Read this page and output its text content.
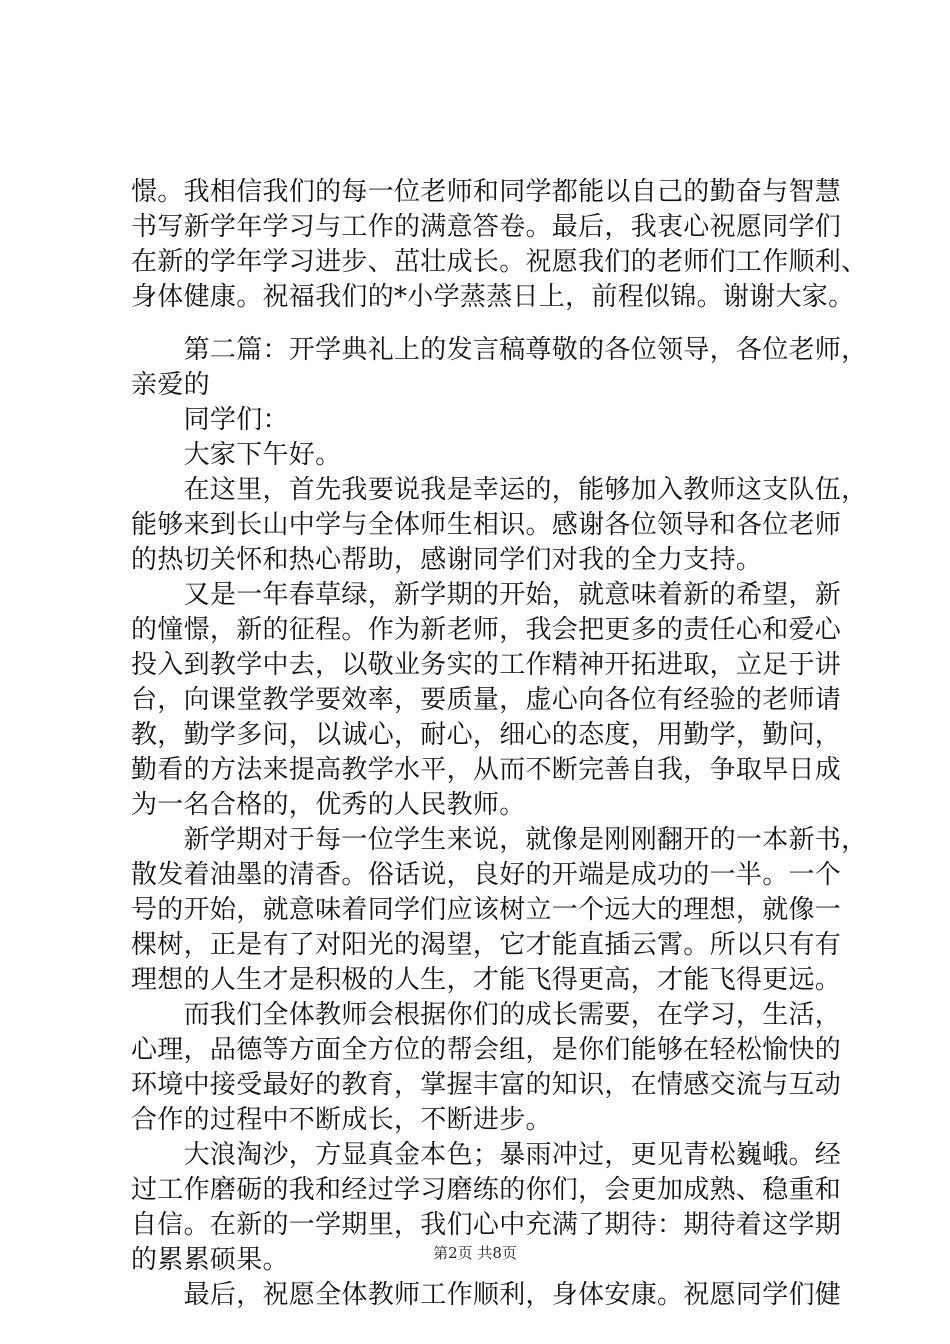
憬。我相信我们的每一位老师和同学都能以自己的勤奋与智慧
书写新学年学习与工作的满意答卷。最后，我衷心祝愿同学们
在新的学年学习进步、茁壮成长。祝愿我们的老师们工作顺利、
身体健康。祝福我们的*小学蒸蒸日上，前程似锦。谢谢大家。
　　第二篇：开学典礼上的发言稿尊敬的各位领导，各位老师，
亲爱的
　　同学们：
　　大家下午好。
　　在这里，首先我要说我是幸运的，能够加入教师这支队伍，
能够来到长山中学与全体师生相识。感谢各位领导和各位老师
的热切关怀和热心帮助，感谢同学们对我的全力支持。
　　又是一年春草绿，新学期的开始，就意味着新的希望，新
的憧憬，新的征程。作为新老师，我会把更多的责任心和爱心
投入到教学中去，以敬业务实的工作精神开拓进取，立足于讲
台，向课堂教学要效率，要质量，虚心向各位有经验的老师请
教，勤学多问，以诚心，耐心，细心的态度，用勤学，勤问，
勤看的方法来提高教学水平，从而不断完善自我，争取早日成
为一名合格的，优秀的人民教师。
　　新学期对于每一位学生来说，就像是刚刚翻开的一本新书，
散发着油墨的清香。俗话说，良好的开端是成功的一半。一个
号的开始，就意味着同学们应该树立一个远大的理想，就像一
棵树，正是有了对阳光的渴望，它才能直插云霄。所以只有有
理想的人生才是积极的人生，才能飞得更高，才能飞得更远。
　　而我们全体教师会根据你们的成长需要，在学习，生活，
心理，品德等方面全方位的帮会组，是你们能够在轻松愉快的
环境中接受最好的教育，掌握丰富的知识，在情感交流与互动
合作的过程中不断成长，不断进步。
　　大浪淘沙，方显真金本色；暴雨冲过，更见青松巍峨。经
过工作磨砺的我和经过学习磨练的你们，会更加成熟、稳重和
自信。在新的一学期里，我们心中充满了期待：期待着这学期
的累累硕果。
　　最后，祝愿全体教师工作顺利，身体安康。祝愿同学们健
第2页 共8页
